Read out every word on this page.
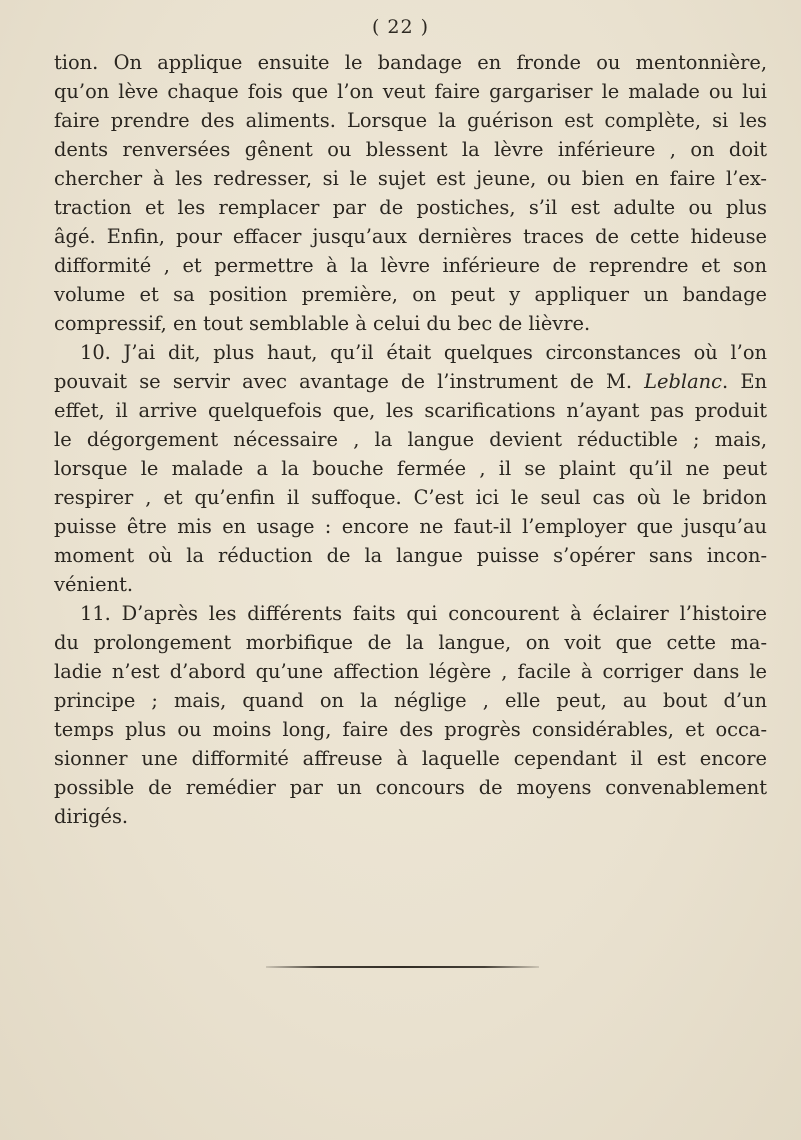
( 22 )
tion. On applique ensuite le bandage en fronde ou mentonnière,
qu’on lève chaque fois que l’on veut faire gargariser le malade ou lui
faire prendre des aliments. Lorsque la guérison est complète, si les
dents renversées gênent ou blessent la lèvre inférieure , on doit
chercher à les redresser, si le sujet est jeune, ou bien en faire l’ex-
traction et les remplacer par de postiches, s’il est adulte ou plus
âgé. Enfin, pour effacer jusqu’aux dernières traces de cette hideuse
difformité , et permettre à la lèvre inférieure de reprendre et son
volume et sa position première, on peut y appliquer un bandage
compressif, en tout semblable à celui du bec de lièvre.
10. J’ai dit, plus haut, qu’il était quelques circonstances où l’on
pouvait se servir avec avantage de l’instrument de M. Leblanc. En
effet, il arrive quelquefois que, les scarifications n’ayant pas produit
le dégorgement nécessaire , la langue devient réductible ; mais,
lorsque le malade a la bouche fermée , il se plaint qu’il ne peut
respirer , et qu’enfin il suffoque. C’est ici le seul cas où le bridon
puisse être mis en usage : encore ne faut-il l’employer que jusqu’au
moment où la réduction de la langue puisse s’opérer sans incon-
vénient.
11. D’après les différents faits qui concourent à éclairer l’histoire
du prolongement morbifique de la langue, on voit que cette ma-
ladie n’est d’abord qu’une affection légère , facile à corriger dans le
principe ; mais, quand on la néglige , elle peut, au bout d’un
temps plus ou moins long, faire des progrès considérables, et occa-
sionner une difformité affreuse à laquelle cependant il est encore
possible de remédier par un concours de moyens convenablement
dirigés.
